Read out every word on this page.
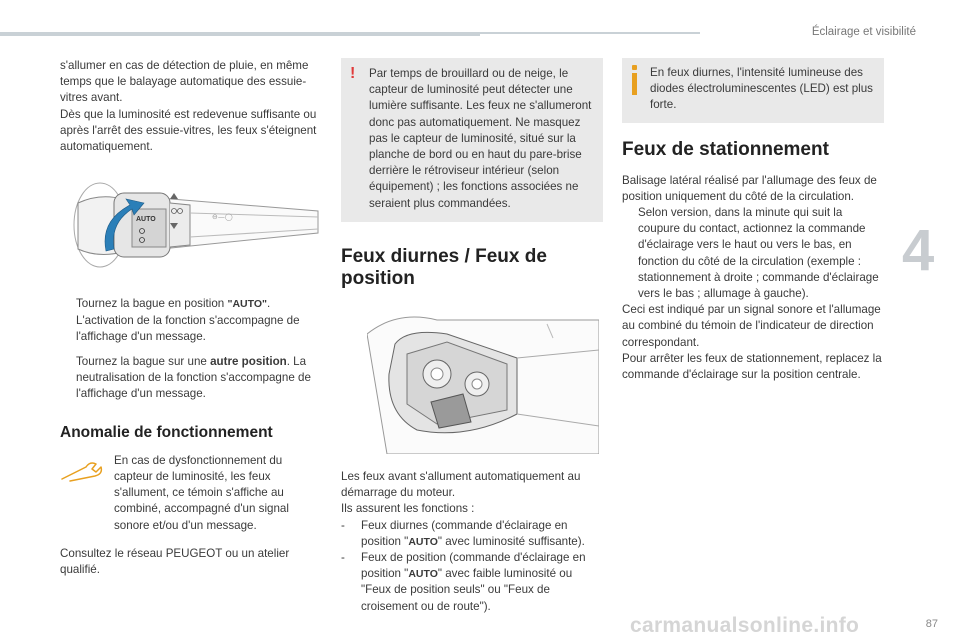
Éclairage et visibilité
4

s'allumer en cas de détection de pluie, en même temps que le balayage automatique des essuie-vitres avant.

Dès que la luminosité est redevenue suffisante ou après l'arrêt des essuie-vitres, les feux s'éteignent automatiquement.

AUTO	⊖—◯
Tournez la bague en position "AUTO". L'activation de la fonction s'accompagne de l'affichage d'un message.
Tournez la bague sur une autre position. La neutralisation de la fonction s'accompagne de l'affichage d'un message.
Anomalie de fonctionnement

En cas de dysfonctionnement du capteur de luminosité, les feux s'allument, ce témoin s'affiche au combiné, accompagné d'un signal sonore et/ou d'un message.

Consultez le réseau PEUGEOT ou un atelier qualifié.

! Par temps de brouillard ou de neige, le capteur de luminosité peut détecter une lumière suffisante. Les feux ne s'allumeront donc pas automatiquement. Ne masquez pas le capteur de luminosité, situé sur la planche de bord ou en haut du pare-brise derrière le rétroviseur intérieur (selon équipement) ; les fonctions associées ne seraient plus commandées.

Feux diurnes / Feux de position

Les feux avant s'allument automatiquement au démarrage du moteur.

Ils assurent les fonctions :

-	Feux diurnes (commande d'éclairage en position "AUTO" avec luminosité suffisante).
-	Feux de position (commande d'éclairage en position "AUTO" avec faible luminosité ou "Feux de position seuls" ou "Feux de croisement ou de route").

En feux diurnes, l'intensité lumineuse des diodes électroluminescentes (LED) est plus forte.

Feux de stationnement

Balisage latéral réalisé par l'allumage des feux de position uniquement du côté de la circulation.

Selon version, dans la minute qui suit la coupure du contact, actionnez la commande d'éclairage vers le haut ou vers le bas, en fonction du côté de la circulation (exemple : stationnement à droite ; commande d'éclairage vers le bas ; allumage à gauche).

Ceci est indiqué par un signal sonore et l'allumage au combiné du témoin de l'indicateur de direction correspondant.

Pour arrêter les feux de stationnement, replacez la commande d'éclairage sur la position centrale.

87
carmanualsonline.info
